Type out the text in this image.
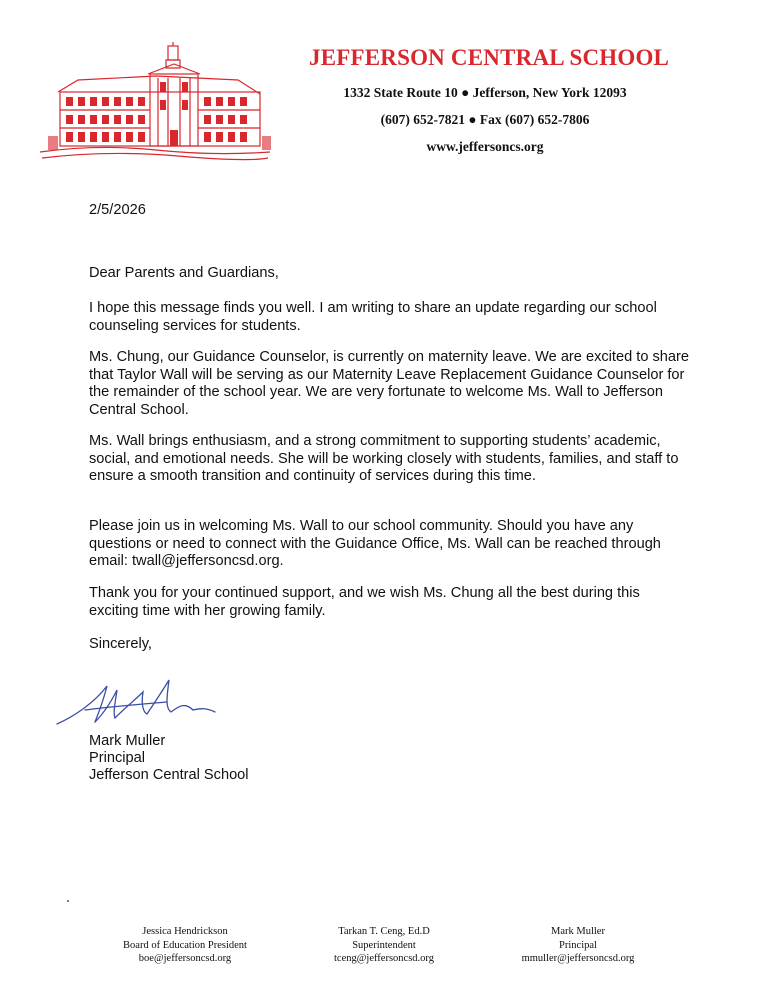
JEFFERSON CENTRAL SCHOOL
1332 State Route 10 ● Jefferson, New York 12093
(607) 652-7821 ● Fax (607) 652-7806
www.jeffersoncs.org
2/5/2026
Dear Parents and Guardians,

I hope this message finds you well. I am writing to share an update regarding our school counseling services for students.

Ms. Chung, our Guidance Counselor, is currently on maternity leave. We are excited to share that Taylor Wall will be serving as our Maternity Leave Replacement Guidance Counselor for the remainder of the school year. We are very fortunate to welcome Ms. Wall to Jefferson Central School.

Ms. Wall brings enthusiasm, and a strong commitment to supporting students’ academic, social, and emotional needs. She will be working closely with students, families, and staff to ensure a smooth transition and continuity of services during this time.

Please join us in welcoming Ms. Wall to our school community. Should you have any questions or need to connect with the Guidance Office, Ms. Wall can be reached through email: twall@jeffersoncsd.org.

Thank you for your continued support, and we wish Ms. Chung all the best during this exciting time with her growing family.

Sincerely,
Mark Muller
Principal
Jefferson Central School
Jessica Hendrickson
Board of Education President
boe@jeffersoncsd.org
Tarkan T. Ceng, Ed.D
Superintendent
tceng@jeffersoncsd.org
Mark Muller
Principal
mmuller@jeffersoncsd.org
